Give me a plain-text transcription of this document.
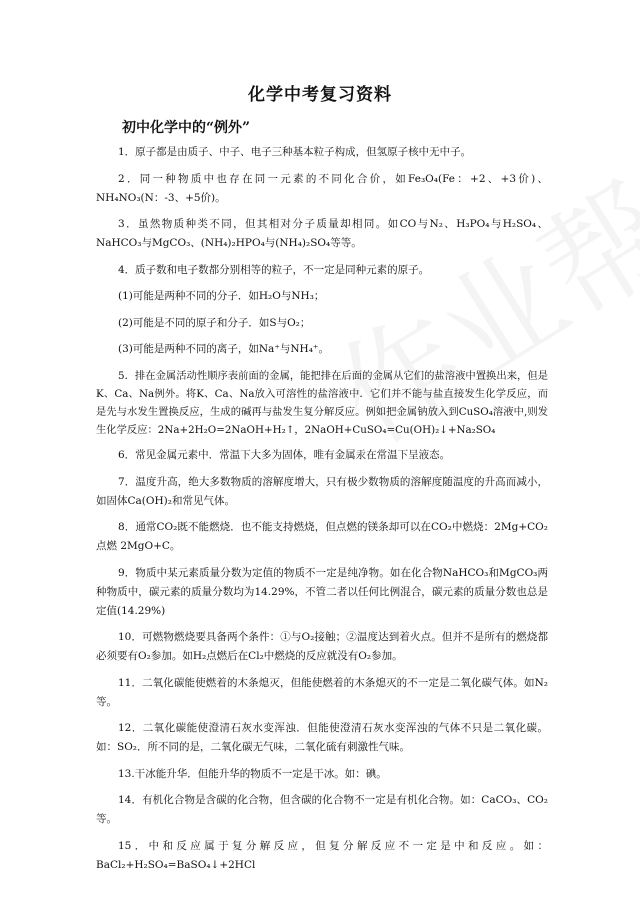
化学中考复习资料
初中化学中的“例外”

1．原子都是由质子、中子、电子三种基本粒子构成，但氢原子核中无中子。

2．同一种物质中也存在同一元素的不同化合价，如Fe₃O₄(Fe：+2、+3价)、NH₄NO₃(N：-3、+5价)。

3．虽然物质种类不同，但其相对分子质量却相同。如CO与N₂、H₃PO₄与H₂SO₄、NaHCO₃与MgCO₃、(NH₄)₂HPO₄与(NH₄)₂SO₄等等。

4．质子数和电子数都分别相等的粒子，不一定是同种元素的原子。

(1)可能是两种不同的分子．如H₂O与NH₃；

(2)可能是不同的原子和分子．如S与O₂；

(3)可能是两种不同的离子，如Na⁺与NH₄⁺。

5．排在金属活动性顺序表前面的金属，能把排在后面的金属从它们的盐溶液中置换出来，但是K、Ca、Na例外。将K、Ca、Na放入可溶性的盐溶液中．它们并不能与盐直接发生化学反应，而是先与水发生置换反应，生成的碱再与盐发生复分解反应。例如把金属钠放入到CuSO₄溶液中,则发生化学反应：2Na+2H₂O=2NaOH+H₂↑，2NaOH+CuSO₄=Cu(OH)₂↓+Na₂SO₄

6．常见金属元素中．常温下大多为固体，唯有金属汞在常温下呈液态。

7．温度升高，绝大多数物质的溶解度增大，只有极少数物质的溶解度随温度的升高而减小，如固体Ca(OH)₂和常见气体。

8．通常CO₂既不能燃烧．也不能支持燃烧，但点燃的镁条却可以在CO₂中燃烧：2Mg+CO₂ 点燃 2MgO+C。

9．物质中某元素质量分数为定值的物质不一定是纯净物。如在化合物NaHCO₃和MgCO₃两种物质中，碳元素的质量分数均为14.29%，不管二者以任何比例混合，碳元素的质量分数也总是定值(14.29%)

10．可燃物燃烧要具备两个条件：①与O₂接触；②温度达到着火点。但并不是所有的燃烧都必须要有O₂参加。如H₂点燃后在Cl₂中燃烧的反应就没有O₂参加。

11．二氧化碳能使燃着的木条熄灭，但能使燃着的木条熄灭的不一定是二氧化碳气体。如N₂等。

12．二氧化碳能使澄清石灰水变浑浊．但能使澄清石灰水变浑浊的气体不只是二氧化碳。如：SO₂．所不同的是，二氧化碳无气味，二氧化硫有刺激性气味。

13.干冰能升华．但能升华的物质不一定是干冰。如：碘。

14．有机化合物是含碳的化合物，但含碳的化合物不一定是有机化合物。如：CaCO₃、CO₂等。

15．中和反应属于复分解反应，但复分解反应不一定是中和反应。如：BaCl₂+H₂SO₄=BaSO₄↓+2HCl
